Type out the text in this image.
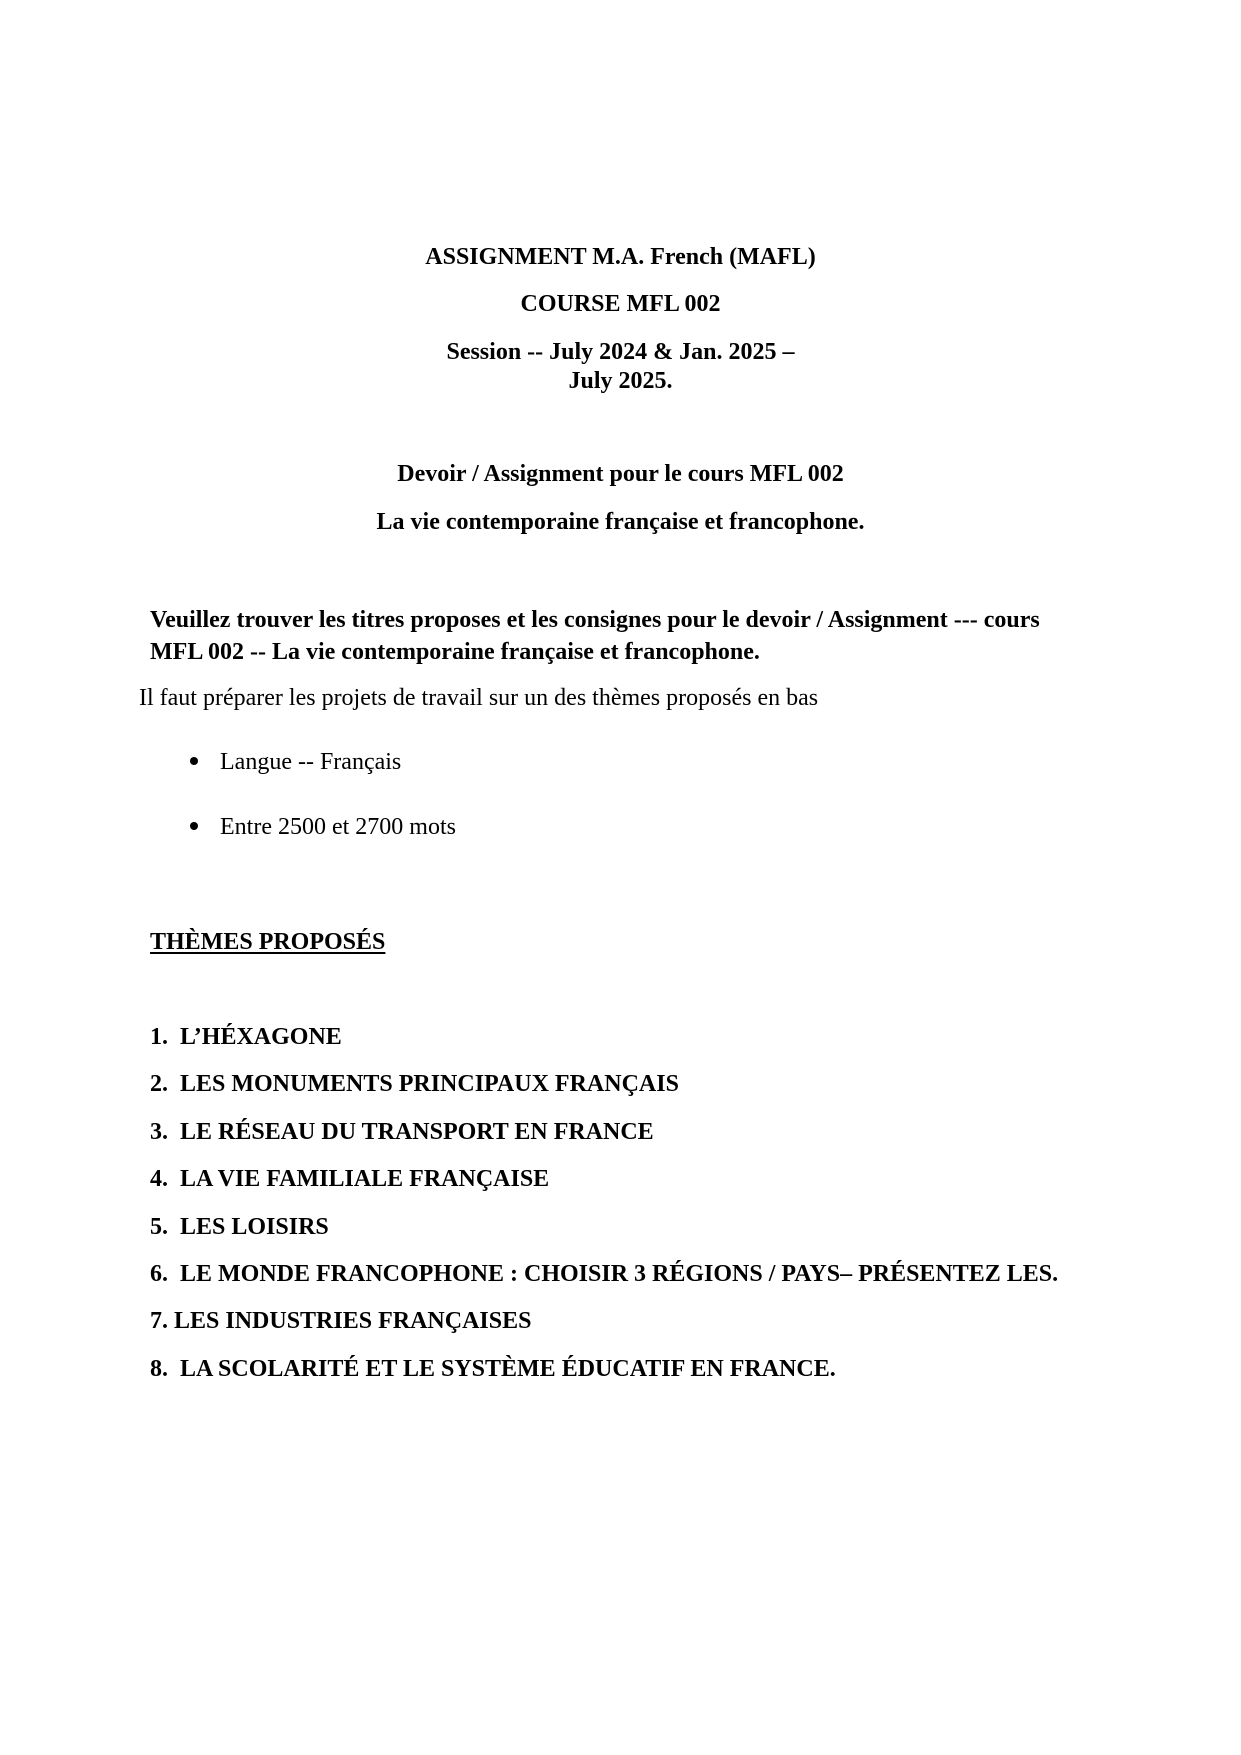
ASSIGNMENT M.A. French (MAFL)
COURSE MFL 002
Session -- July 2024 & Jan. 2025 –
July 2025.
Devoir / Assignment pour le cours MFL 002
La vie contemporaine française et francophone.
Veuillez trouver les titres proposes et les consignes pour le devoir / Assignment --- cours MFL 002 -- La vie contemporaine française et francophone.
Il faut préparer les projets de travail sur un des thèmes proposés en bas
Langue -- Français
Entre 2500 et 2700 mots
THÈMES PROPOSÉS
1. L’HÉXAGONE
2. LES MONUMENTS PRINCIPAUX FRANÇAIS
3. LE RÉSEAU DU TRANSPORT EN FRANCE
4. LA VIE FAMILIALE FRANÇAISE
5. LES LOISIRS
6. LE MONDE FRANCOPHONE : CHOISIR 3 RÉGIONS / PAYS– PRÉSENTEZ LES.
7. LES INDUSTRIES FRANÇAISES
8. LA SCOLARITÉ ET LE SYSTÈME ÉDUCATIF EN FRANCE.
